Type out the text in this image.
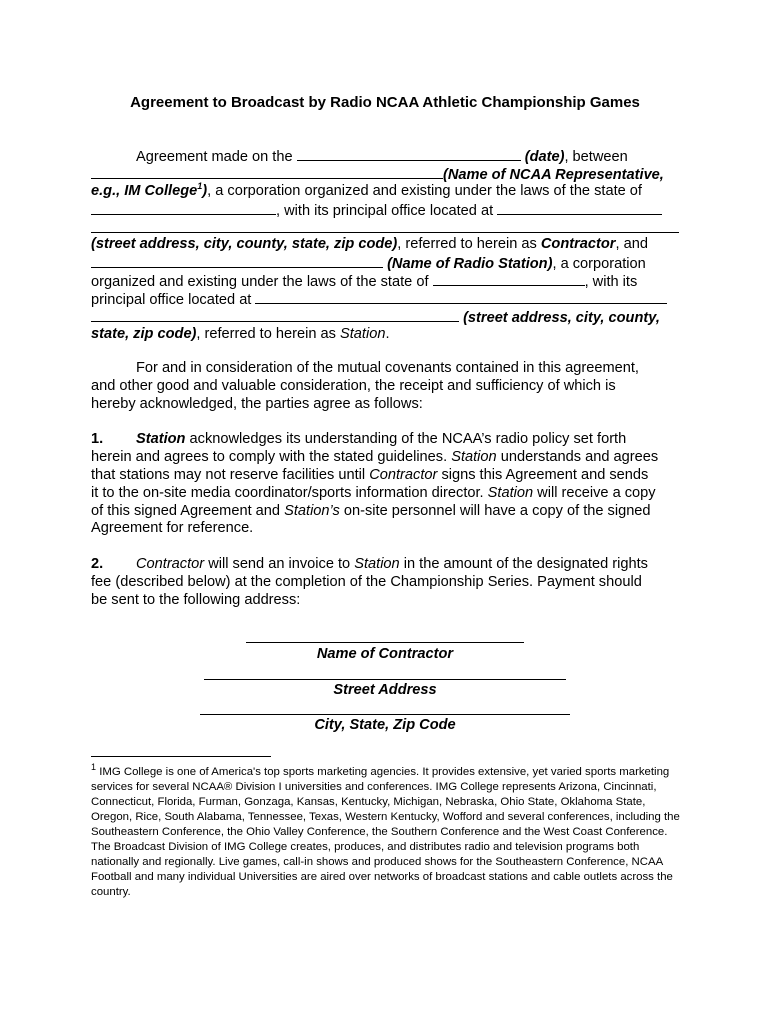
Agreement to Broadcast by Radio NCAA Athletic Championship Games
Agreement made on the	(date), between
(Name of NCAA Representative,
e.g., IM College$^1$), a corporation organized and existing under the laws of the state of
, with its principal office located at
(street address, city, county, state, zip code), referred to herein as Contractor, and
(Name of Radio Station), a corporation
organized and existing under the laws of the state of	, with its
principal office located at
(street address, city, county,
state, zip code), referred to herein as Station.
For and in consideration of the mutual covenants contained in this agreement,
and other good and valuable consideration, the receipt and sufficiency of which is
hereby acknowledged, the parties agree as follows:
1. Station acknowledges its understanding of the NCAA’s radio policy set forth
herein and agrees to comply with the stated guidelines. Station understands and agrees
that stations may not reserve facilities until Contractor signs this Agreement and sends
it to the on-site media coordinator/sports information director. Station will receive a copy
of this signed Agreement and Station’s on-site personnel will have a copy of the signed
Agreement for reference.
2. Contractor will send an invoice to Station in the amount of the designated rights
fee (described below) at the completion of the Championship Series. Payment should
be sent to the following address:
Name of Contractor
Street Address
City, State, Zip Code
$^1$ IMG College is one of America's top sports marketing agencies. It provides extensive, yet varied sports marketing services for several NCAA® Division I universities and conferences. IMG College represents Arizona, Cincinnati, Connecticut, Florida, Furman, Gonzaga, Kansas, Kentucky, Michigan, Nebraska, Ohio State, Oklahoma State, Oregon, Rice, South Alabama, Tennessee, Texas, Western Kentucky, Wofford and several conferences, including the Southeastern Conference, the Ohio Valley Conference, the Southern Conference and the West Coast Conference. The Broadcast Division of IMG College creates, produces, and distributes radio and television programs both nationally and regionally. Live games, call-in shows and produced shows for the Southeastern Conference, NCAA Football and many individual Universities are aired over networks of broadcast stations and cable outlets across the country.
